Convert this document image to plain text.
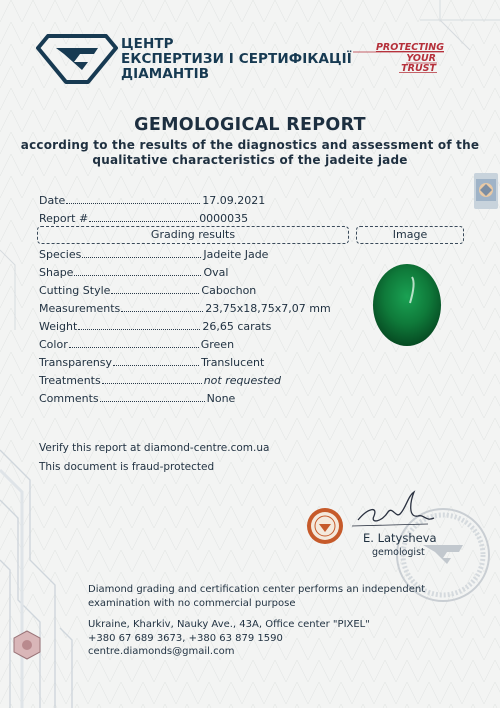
ЦЕНТР
ЕКСПЕРТИЗИ І СЕРТИФІКАЦІЇ
ДІАМАНТІВ
PROTECTING
YOUR
TRUST
GEMOLOGICAL REPORT
according to the results of the diagnostics and assessment of the
qualitative characteristics of the jadeite jade
Date	17.09.2021
Report #	0000035
Grading results	Image
Species	Jadeite Jade
Shape	Oval
Cutting Style	Cabochon
Measurements	23,75x18,75x7,07 mm
Weight	26,65 carats
Color	Green
Transparensy	Translucent
Treatments	not requested
Comments	None
Verify this report at diamond-centre.com.ua
This document is fraud-protected
E. Latysheva
gemologist
Diamond grading and certification center performs an independent
examination with no commercial purpose
Ukraine, Kharkiv, Nauky Ave., 43A, Office center "PIXEL"
+380 67 689 3673, +380 63 879 1590
centre.diamonds@gmail.com
